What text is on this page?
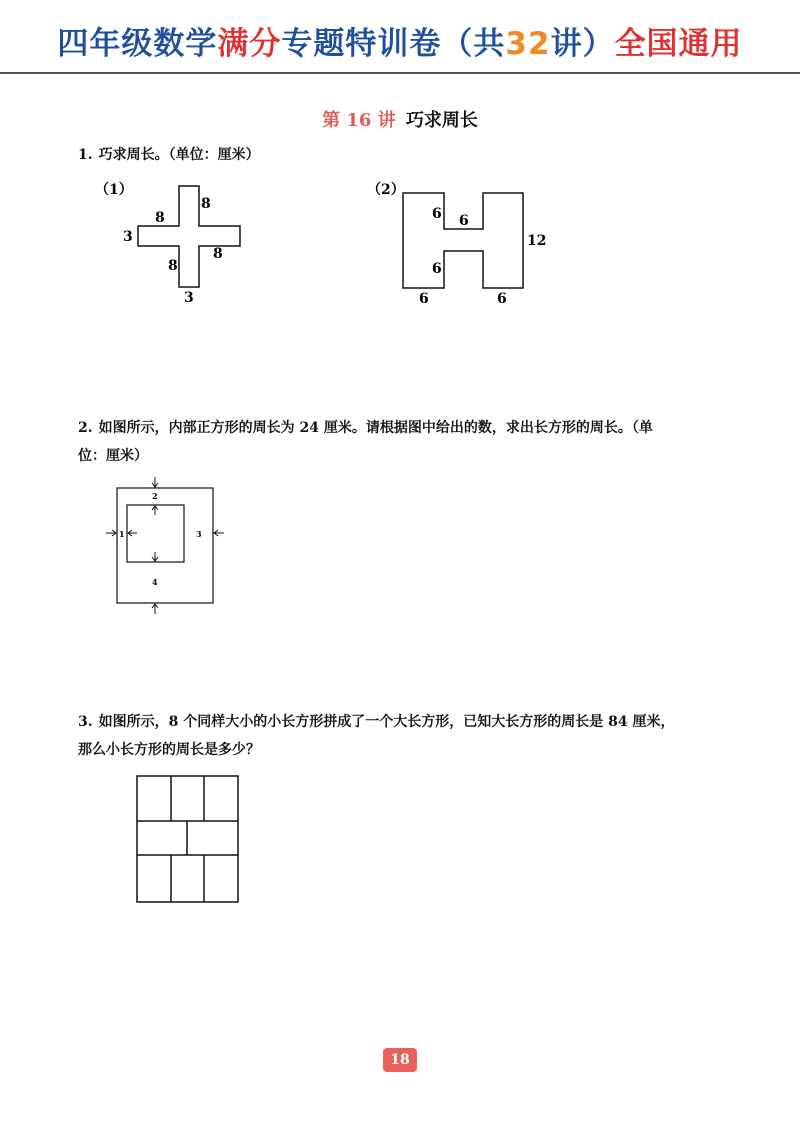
四年级数学满分专题特训卷（共32讲）全国通用
第 16 讲 巧求周长
1. 巧求周长。（单位：厘米）
（1）
8
8
3
8
8
3
（2）
6 6
12
6
6	6
2. 如图所示，内部正方形的周长为 24 厘米。请根据图中给出的数，求出长方形的周长。（单
位：厘米）
2
1	3
4
3. 如图所示，8 个同样大小的小长方形拼成了一个大长方形，已知大长方形的周长是 84 厘米，
那么小长方形的周长是多少？
18
